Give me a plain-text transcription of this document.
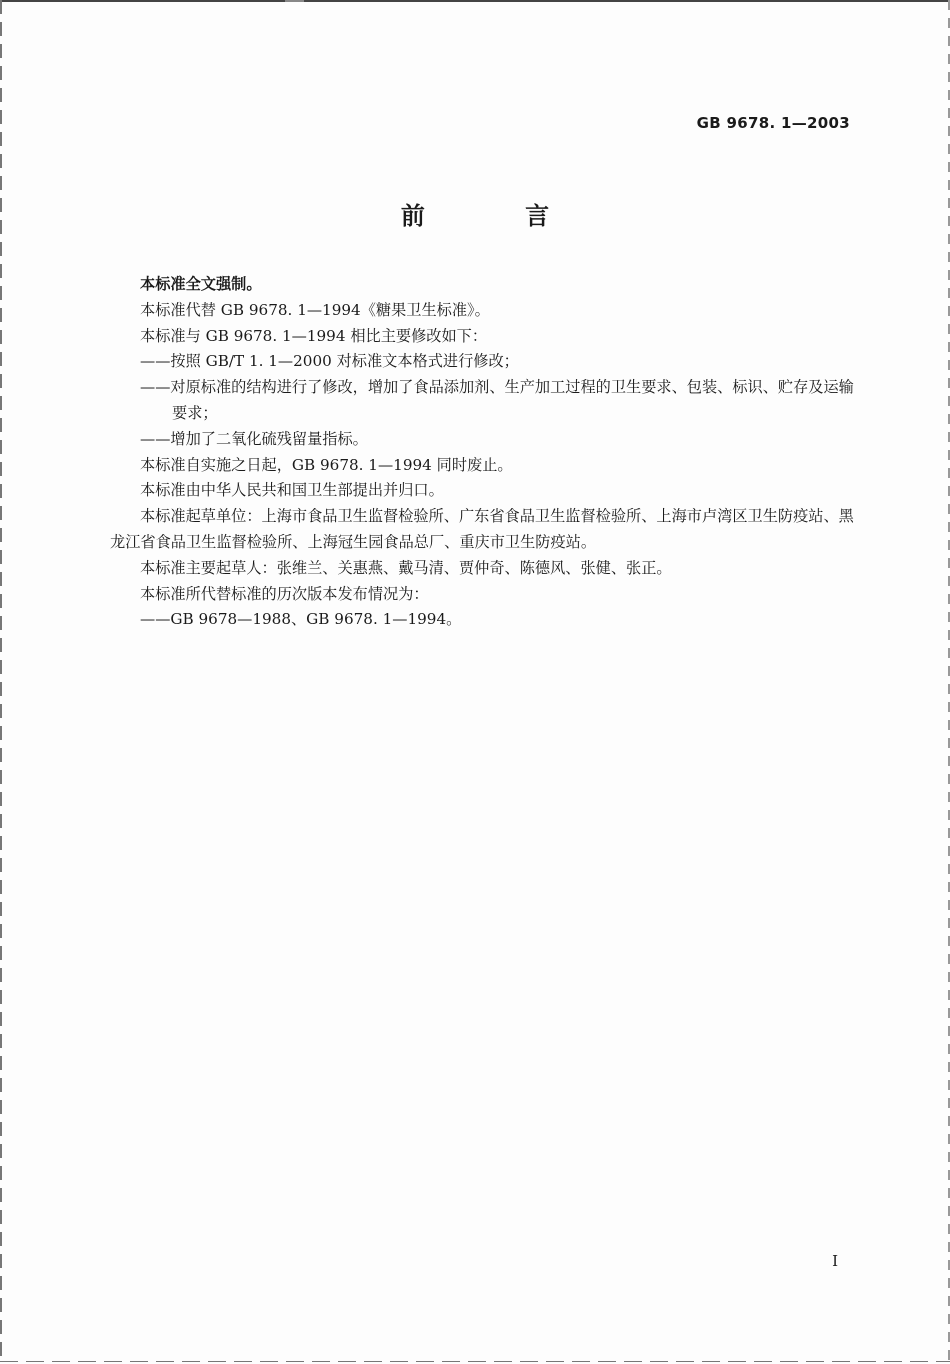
GB 9678. 1—2003
前 言

本标准全文强制。

本标准代替 GB 9678. 1—1994《糖果卫生标准》。

本标准与 GB 9678. 1—1994 相比主要修改如下：

——按照 GB/T 1. 1—2000 对标准文本格式进行修改；

——对原标准的结构进行了修改，增加了食品添加剂、生产加工过程的卫生要求、包装、标识、贮存及运输要求；

——增加了二氧化硫残留量指标。

本标准自实施之日起，GB 9678. 1—1994 同时废止。

本标准由中华人民共和国卫生部提出并归口。

本标准起草单位：上海市食品卫生监督检验所、广东省食品卫生监督检验所、上海市卢湾区卫生防疫站、黑龙江省食品卫生监督检验所、上海冠生园食品总厂、重庆市卫生防疫站。

本标准主要起草人：张维兰、关惠燕、戴马清、贾仲奇、陈德风、张健、张正。

本标准所代替标准的历次版本发布情况为：

——GB 9678—1988、GB 9678. 1—1994。

I
